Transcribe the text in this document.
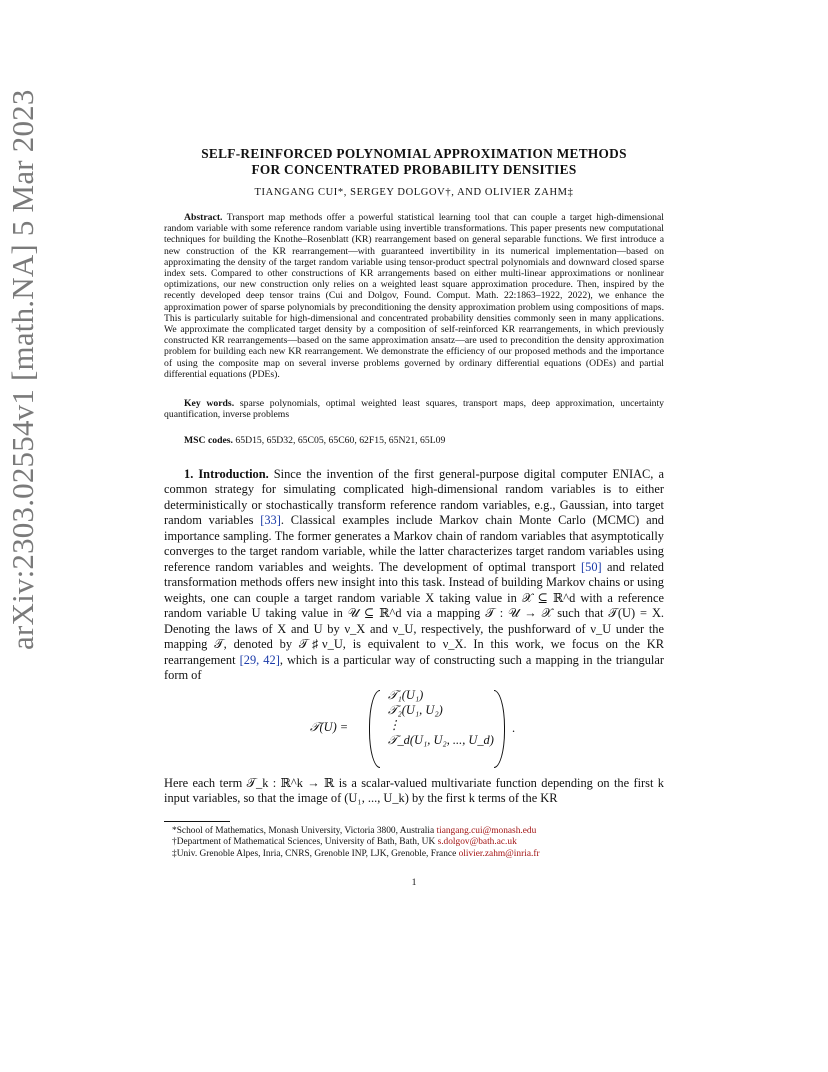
arXiv:2303.02554v1 [math.NA] 5 Mar 2023	SELF-REINFORCED POLYNOMIAL APPROXIMATION METHODS
FOR CONCENTRATED PROBABILITY DENSITIES

TIANGANG CUI*, SERGEY DOLGOV†, AND OLIVIER ZAHM‡
Abstract. Transport map methods offer a powerful statistical learning tool that can couple a target high-dimensional random variable with some reference random variable using invertible transformations. This paper presents new computational techniques for building the Knothe–Rosenblatt (KR) rearrangement based on general separable functions. We first introduce a new construction of the KR rearrangement—with guaranteed invertibility in its numerical implementation—based on approximating the density of the target random variable using tensor-product spectral polynomials and downward closed sparse index sets. Compared to other constructions of KR arrangements based on either multi-linear approximations or nonlinear optimizations, our new construction only relies on a weighted least square approximation procedure. Then, inspired by the recently developed deep tensor trains (Cui and Dolgov, Found. Comput. Math. 22:1863–1922, 2022), we enhance the approximation power of sparse polynomials by preconditioning the density approximation problem using compositions of maps. This is particularly suitable for high-dimensional and concentrated probability densities commonly seen in many applications. We approximate the complicated target density by a composition of self-reinforced KR rearrangements, in which previously constructed KR rearrangements—based on the same approximation ansatz—are used to precondition the density approximation problem for building each new KR rearrangement. We demonstrate the efficiency of our proposed methods and the importance of using the composite map on several inverse problems governed by ordinary differential equations (ODEs) and partial differential equations (PDEs).
Key words. sparse polynomials, optimal weighted least squares, transport maps, deep approximation, uncertainty quantification, inverse problems
MSC codes. 65D15, 65D32, 65C05, 65C60, 62F15, 65N21, 65L09
1. Introduction. Since the invention of the first general-purpose digital computer ENIAC, a common strategy for simulating complicated high-dimensional random variables is to either deterministically or stochastically transform reference random variables, e.g., Gaussian, into target random variables [33]. Classical examples include Markov chain Monte Carlo (MCMC) and importance sampling. The former generates a Markov chain of random variables that asymptotically converges to the target random variable, while the latter characterizes target random variables using reference random variables and weights. The development of optimal transport [50] and related transformation methods offers new insight into this task. Instead of building Markov chains or using weights, one can couple a target random variable X taking value in 𝒳 ⊆ ℝ^d with a reference random variable U taking value in 𝒰 ⊆ ℝ^d via a mapping 𝒯 : 𝒰 → 𝒳 such that 𝒯(U) = X. Denoting the laws of X and U by ν_X and ν_U, respectively, the pushforward of ν_U under the mapping 𝒯, denoted by 𝒯♯ν_U, is equivalent to ν_X. In this work, we focus on the KR rearrangement [29, 42], which is a particular way of constructing such a mapping in the triangular form of
𝒯(U) =
𝒯₁(U₁)
𝒯₂(U₁, U₂)
⋮
𝒯_d(U₁, U₂, ..., U_d)
.
Here each term 𝒯_k : ℝ^k → ℝ is a scalar-valued multivariate function depending on the first k input variables, so that the image of (U₁, ..., U_k) by the first k terms of the KR
*School of Mathematics, Monash University, Victoria 3800, Australia tiangang.cui@monash.edu
†Department of Mathematical Sciences, University of Bath, Bath, UK s.dolgov@bath.ac.uk
‡Univ. Grenoble Alpes, Inria, CNRS, Grenoble INP, LJK, Grenoble, France olivier.zahm@inria.fr
1
